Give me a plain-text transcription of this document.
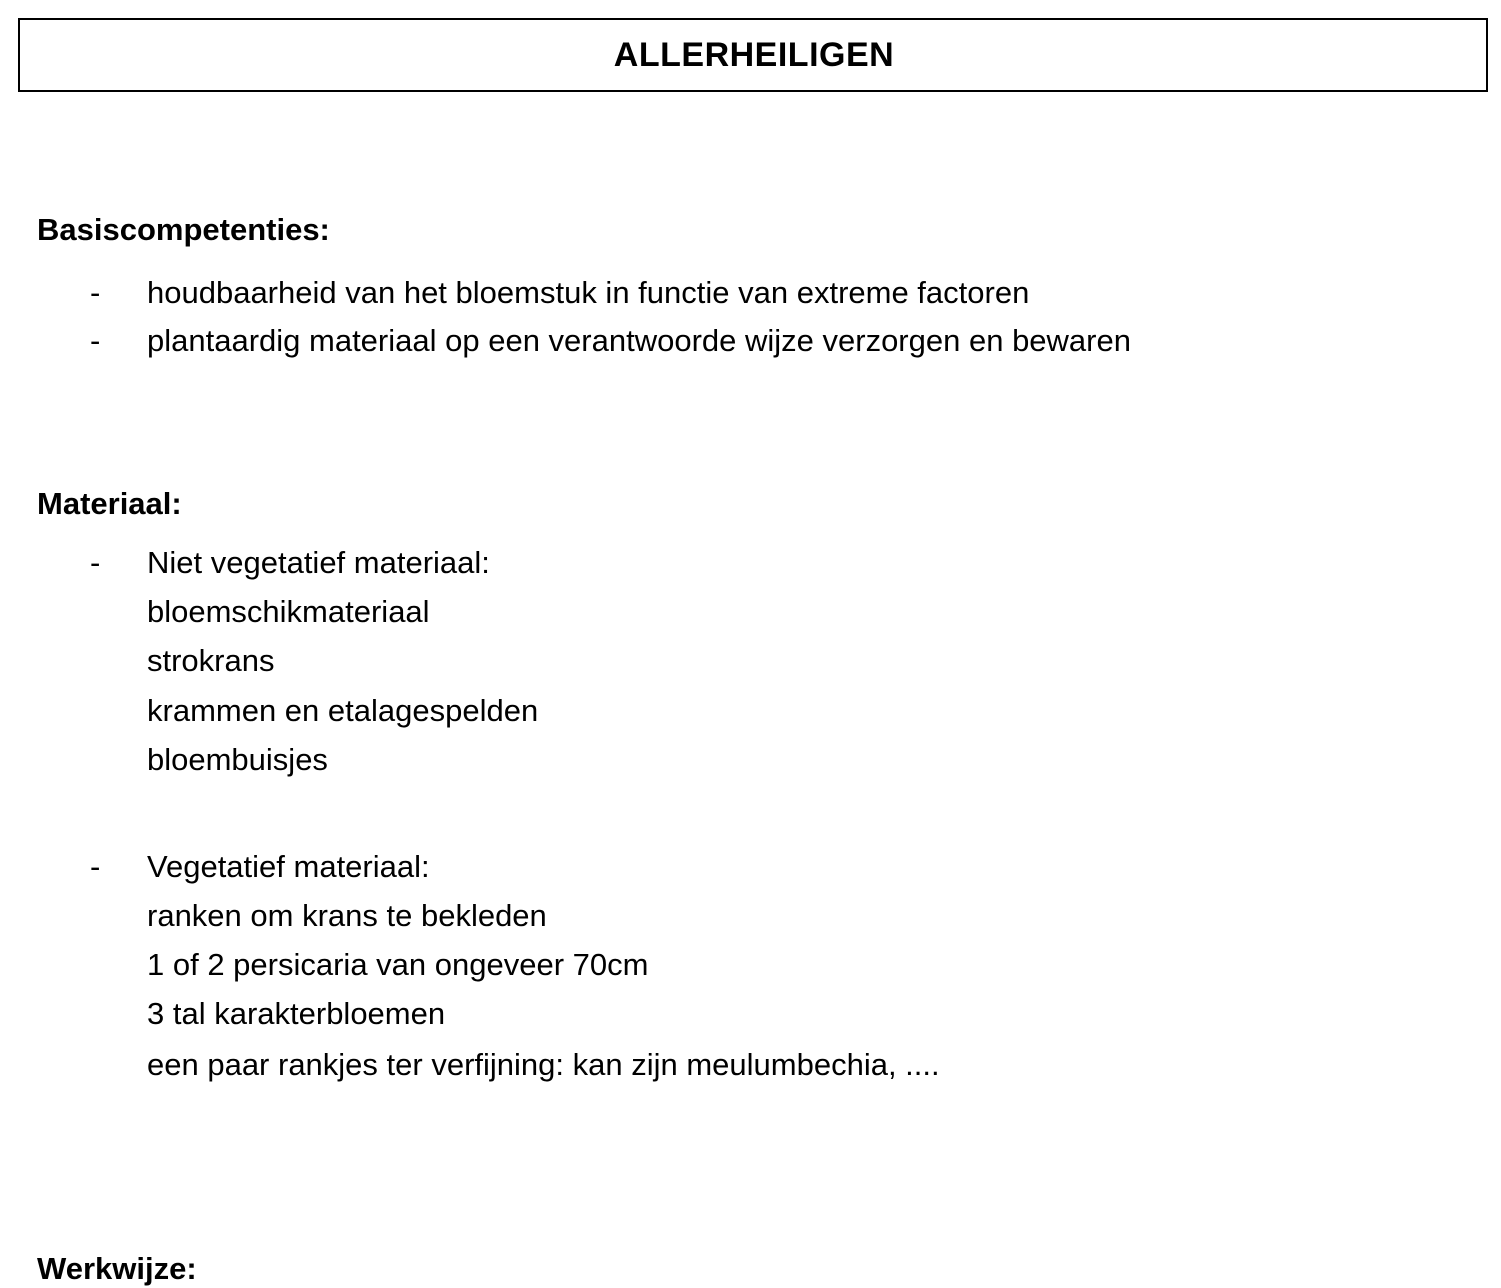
ALLERHEILIGEN
Basiscompetenties:
- houdbaarheid van het bloemstuk in functie van extreme factoren
- plantaardig materiaal op een verantwoorde wijze verzorgen en bewaren
Materiaal:
- Niet vegetatief materiaal:
bloemschikmateriaal
strokrans
krammen en etalagespelden
bloembuisjes
- Vegetatief materiaal:
ranken om krans te bekleden
1 of 2 persicaria van ongeveer 70cm
3 tal karakterbloemen
een paar rankjes ter verfijning: kan zijn meulumbechia, ....
Werkwijze:
